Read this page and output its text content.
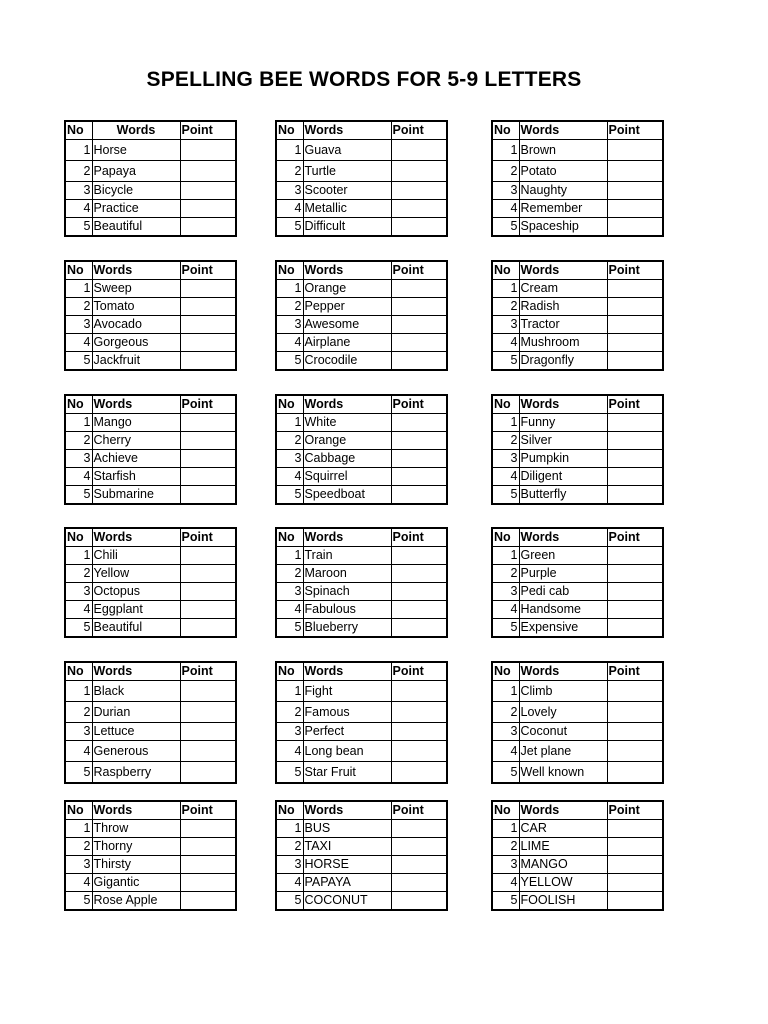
SPELLING BEE WORDS FOR 5-9 LETTERS
No	Words	Point
1	Horse	
2	Papaya	
3	Bicycle	
4	Practice	
5	Beautiful	
No	Words	Point
1	Guava	
2	Turtle	
3	Scooter	
4	Metallic	
5	Difficult	
No	Words	Point
1	Brown	
2	Potato	
3	Naughty	
4	Remember	
5	Spaceship	
No	Words	Point
1	Sweep	
2	Tomato	
3	Avocado	
4	Gorgeous	
5	Jackfruit	
No	Words	Point
1	Orange	
2	Pepper	
3	Awesome	
4	Airplane	
5	Crocodile	
No	Words	Point
1	Cream	
2	Radish	
3	Tractor	
4	Mushroom	
5	Dragonfly	
No	Words	Point
1	Mango	
2	Cherry	
3	Achieve	
4	Starfish	
5	Submarine	
No	Words	Point
1	White	
2	Orange	
3	Cabbage	
4	Squirrel	
5	Speedboat	
No	Words	Point
1	Funny	
2	Silver	
3	Pumpkin	
4	Diligent	
5	Butterfly	
No	Words	Point
1	Chili	
2	Yellow	
3	Octopus	
4	Eggplant	
5	Beautiful	
No	Words	Point
1	Train	
2	Maroon	
3	Spinach	
4	Fabulous	
5	Blueberry	
No	Words	Point
1	Green	
2	Purple	
3	Pedi cab	
4	Handsome	
5	Expensive	
No	Words	Point
1	Black	
2	Durian	
3	Lettuce	
4	Generous	
5	Raspberry	
No	Words	Point
1	Fight	
2	Famous	
3	Perfect	
4	Long bean	
5	Star Fruit	
No	Words	Point
1	Climb	
2	Lovely	
3	Coconut	
4	Jet plane	
5	Well known	
No	Words	Point
1	Throw	
2	Thorny	
3	Thirsty	
4	Gigantic	
5	Rose Apple	
No	Words	Point
1	BUS	
2	TAXI	
3	HORSE	
4	PAPAYA	
5	COCONUT	
No	Words	Point
1	CAR	
2	LIME	
3	MANGO	
4	YELLOW	
5	FOOLISH	
